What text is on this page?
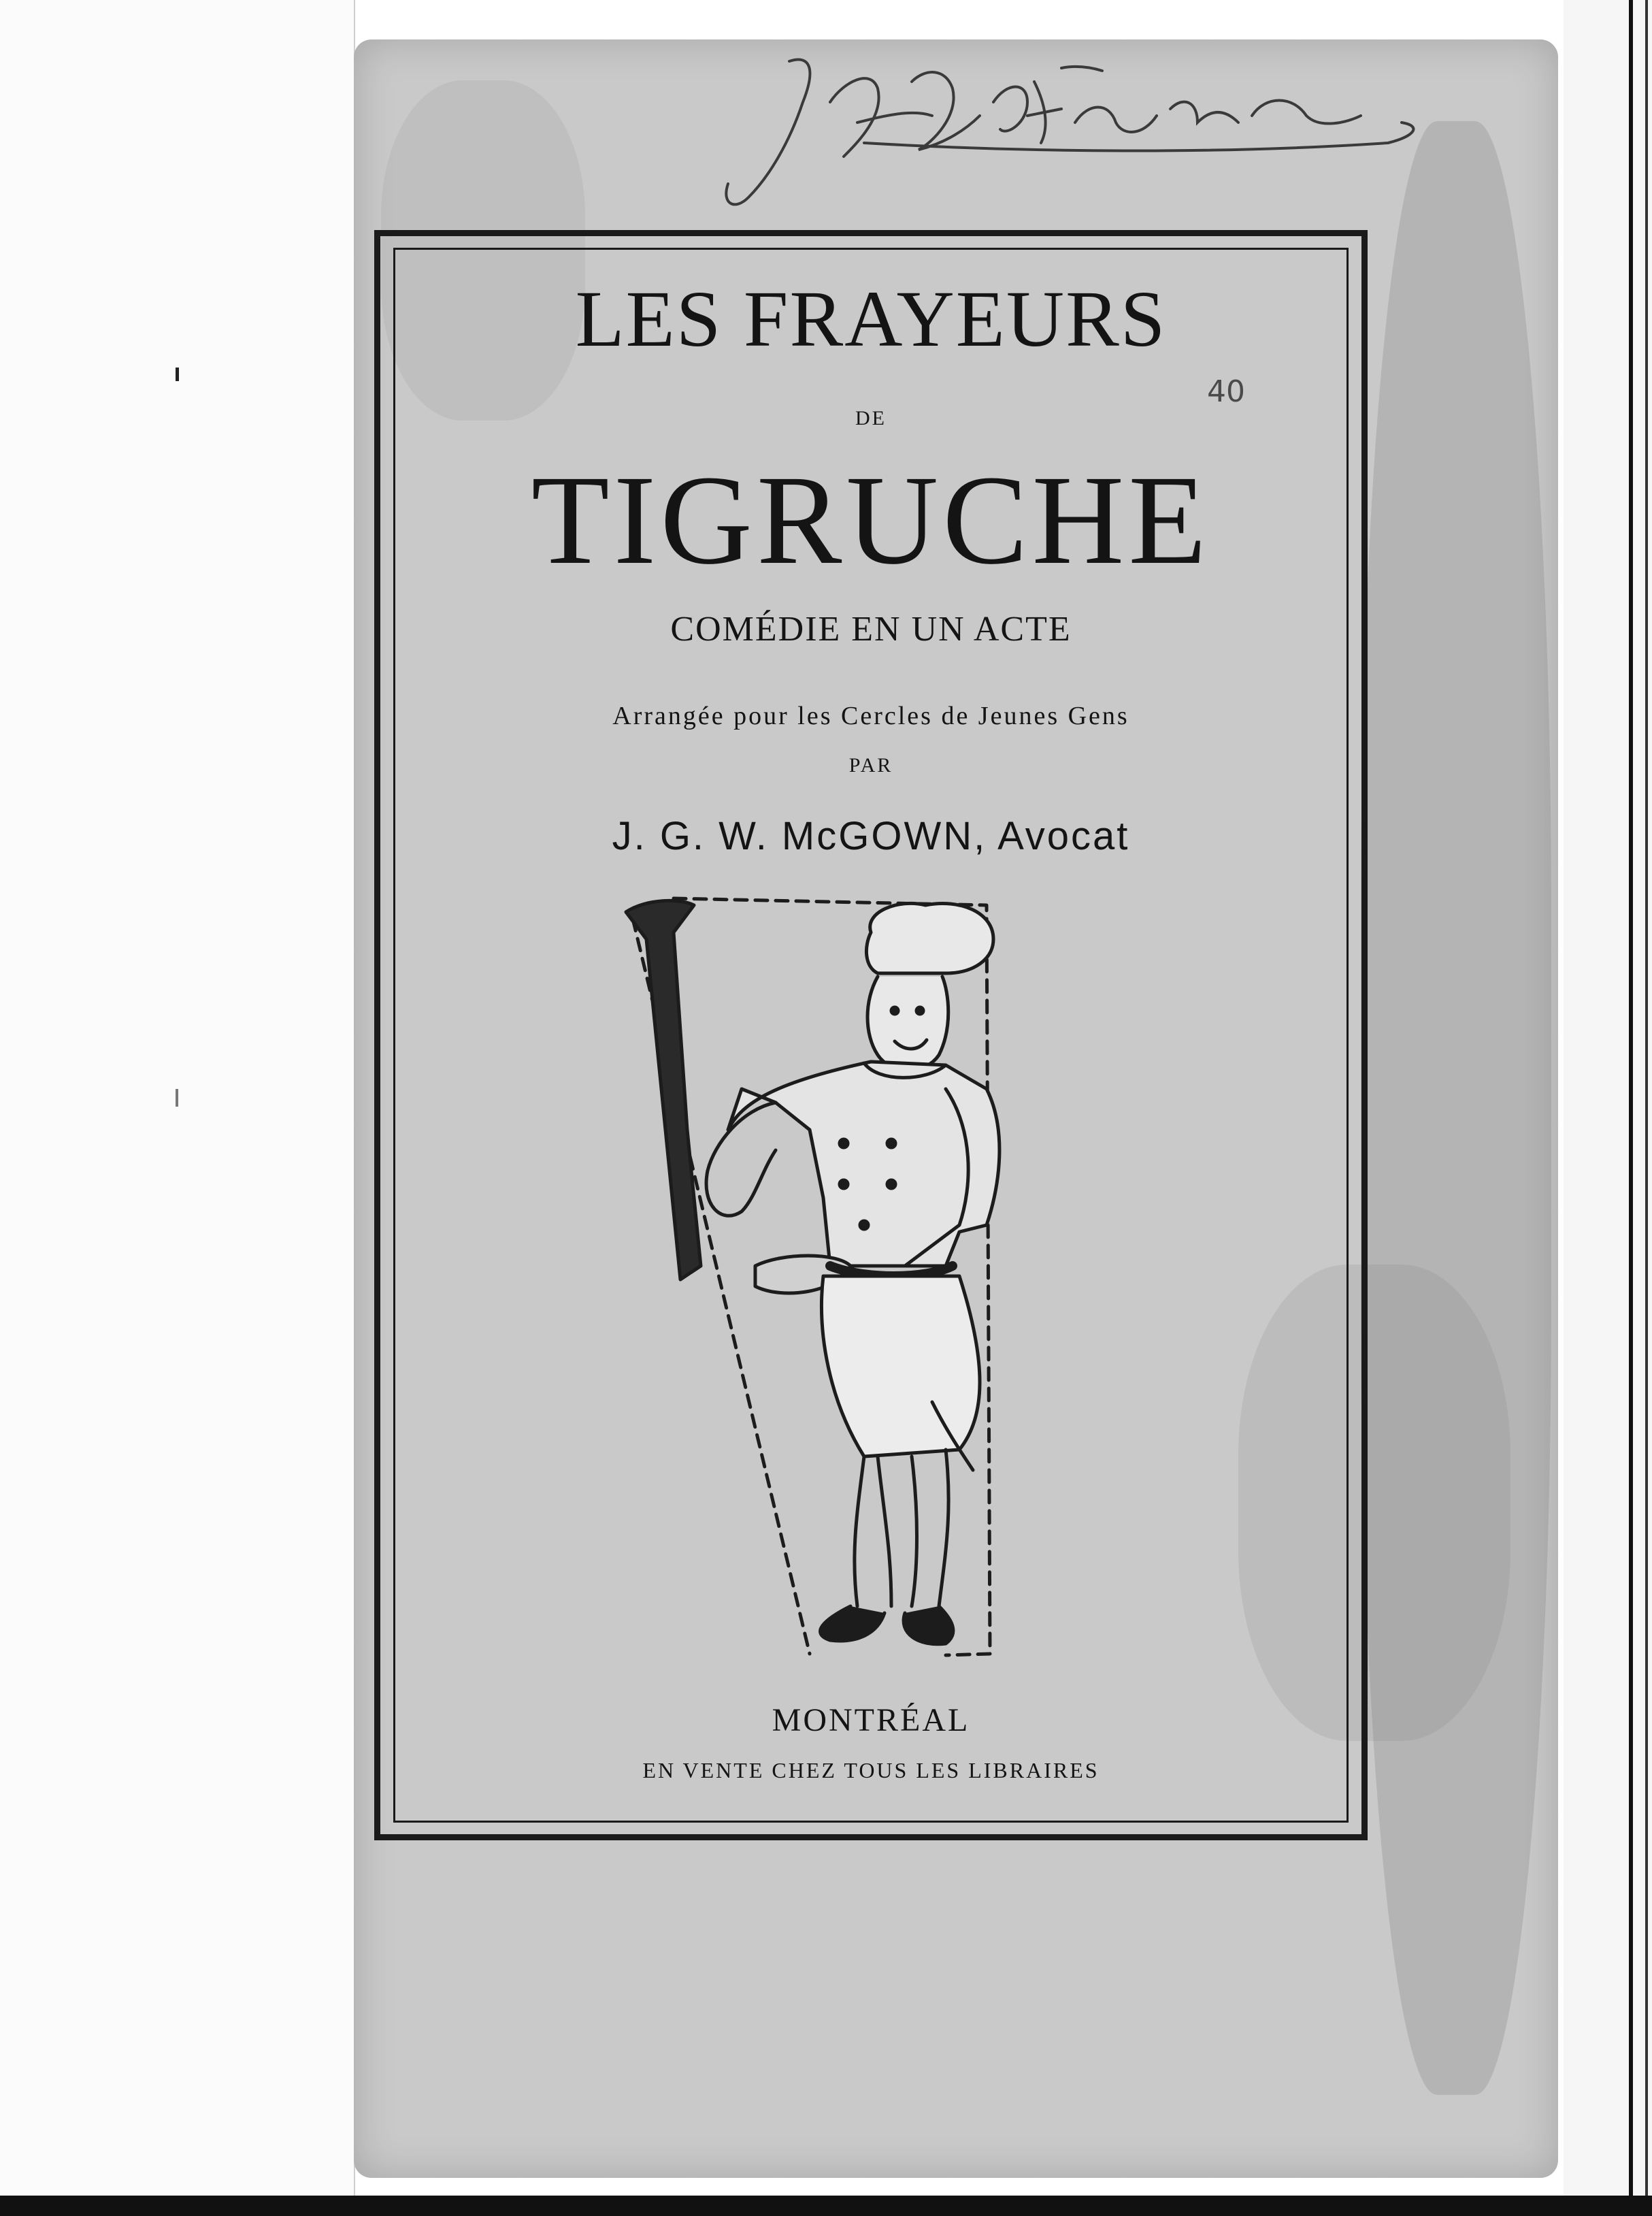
40
LES FRAYEURS
DE
TIGRUCHE
COMÉDIE EN UN ACTE
Arrangée pour les Cercles de Jeunes Gens
PAR
J. G. W. McGOWN, Avocat
MONTRÉAL
EN VENTE CHEZ TOUS LES LIBRAIRES
